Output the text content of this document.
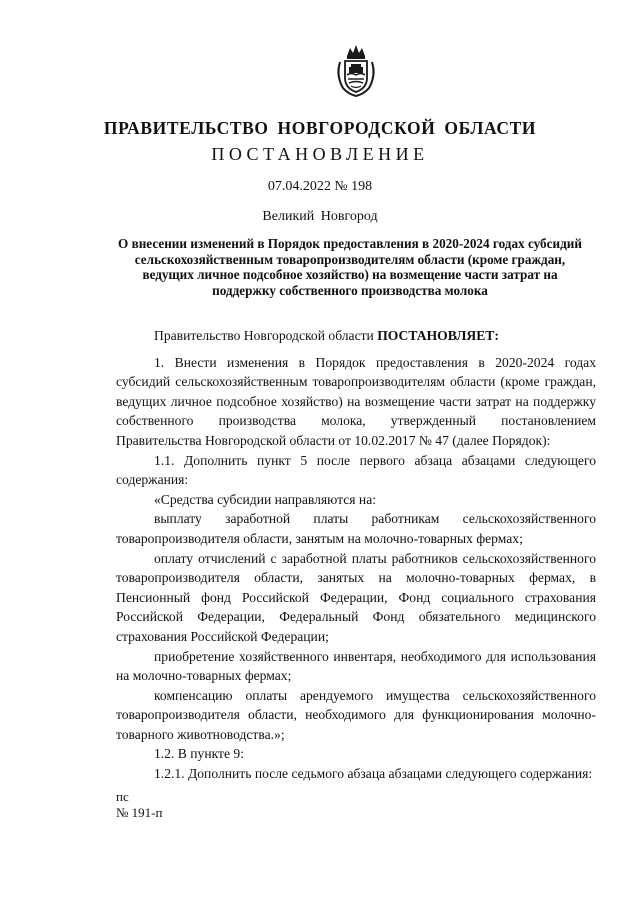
ПРАВИТЕЛЬСТВО НОВГОРОДСКОЙ ОБЛАСТИ
ПОСТАНОВЛЕНИЕ
07.04.2022 № 198
Великий Новгород
О внесении изменений в Порядок предоставления в 2020-2024 годах субсидий сельскохозяйственным товаропроизводителям области (кроме граждан, ведущих личное подсобное хозяйство) на возмещение части затрат на поддержку собственного производства молока

Правительство Новгородской области ПОСТАНОВЛЯЕТ:

1. Внести изменения в Порядок предоставления в 2020-2024 годах субсидий сельскохозяйственным товаропроизводителям области (кроме граждан, ведущих личное подсобное хозяйство) на возмещение части затрат на поддержку собственного производства молока, утвержденный постановлением Правительства Новгородской области от 10.02.2017 № 47 (далее Порядок):

1.1. Дополнить пункт 5 после первого абзаца абзацами следующего содержания:

«Средства субсидии направляются на:

выплату заработной платы работникам сельскохозяйственного товаропроизводителя области, занятым на молочно-товарных фермах;

оплату отчислений с заработной платы работников сельскохозяйственного товаропроизводителя области, занятых на молочно-товарных фермах, в Пенсионный фонд Российской Федерации, Фонд социального страхования Российской Федерации, Федеральный Фонд обязательного медицинского страхования Российской Федерации;

приобретение хозяйственного инвентаря, необходимого для использования на молочно-товарных фермах;

компенсацию оплаты арендуемого имущества сельскохозяйственного товаропроизводителя области, необходимого для функционирования молочно-товарного животноводства.»;

1.2. В пункте 9:

1.2.1. Дополнить после седьмого абзаца абзацами следующего содержания:

пс
№ 191-п
